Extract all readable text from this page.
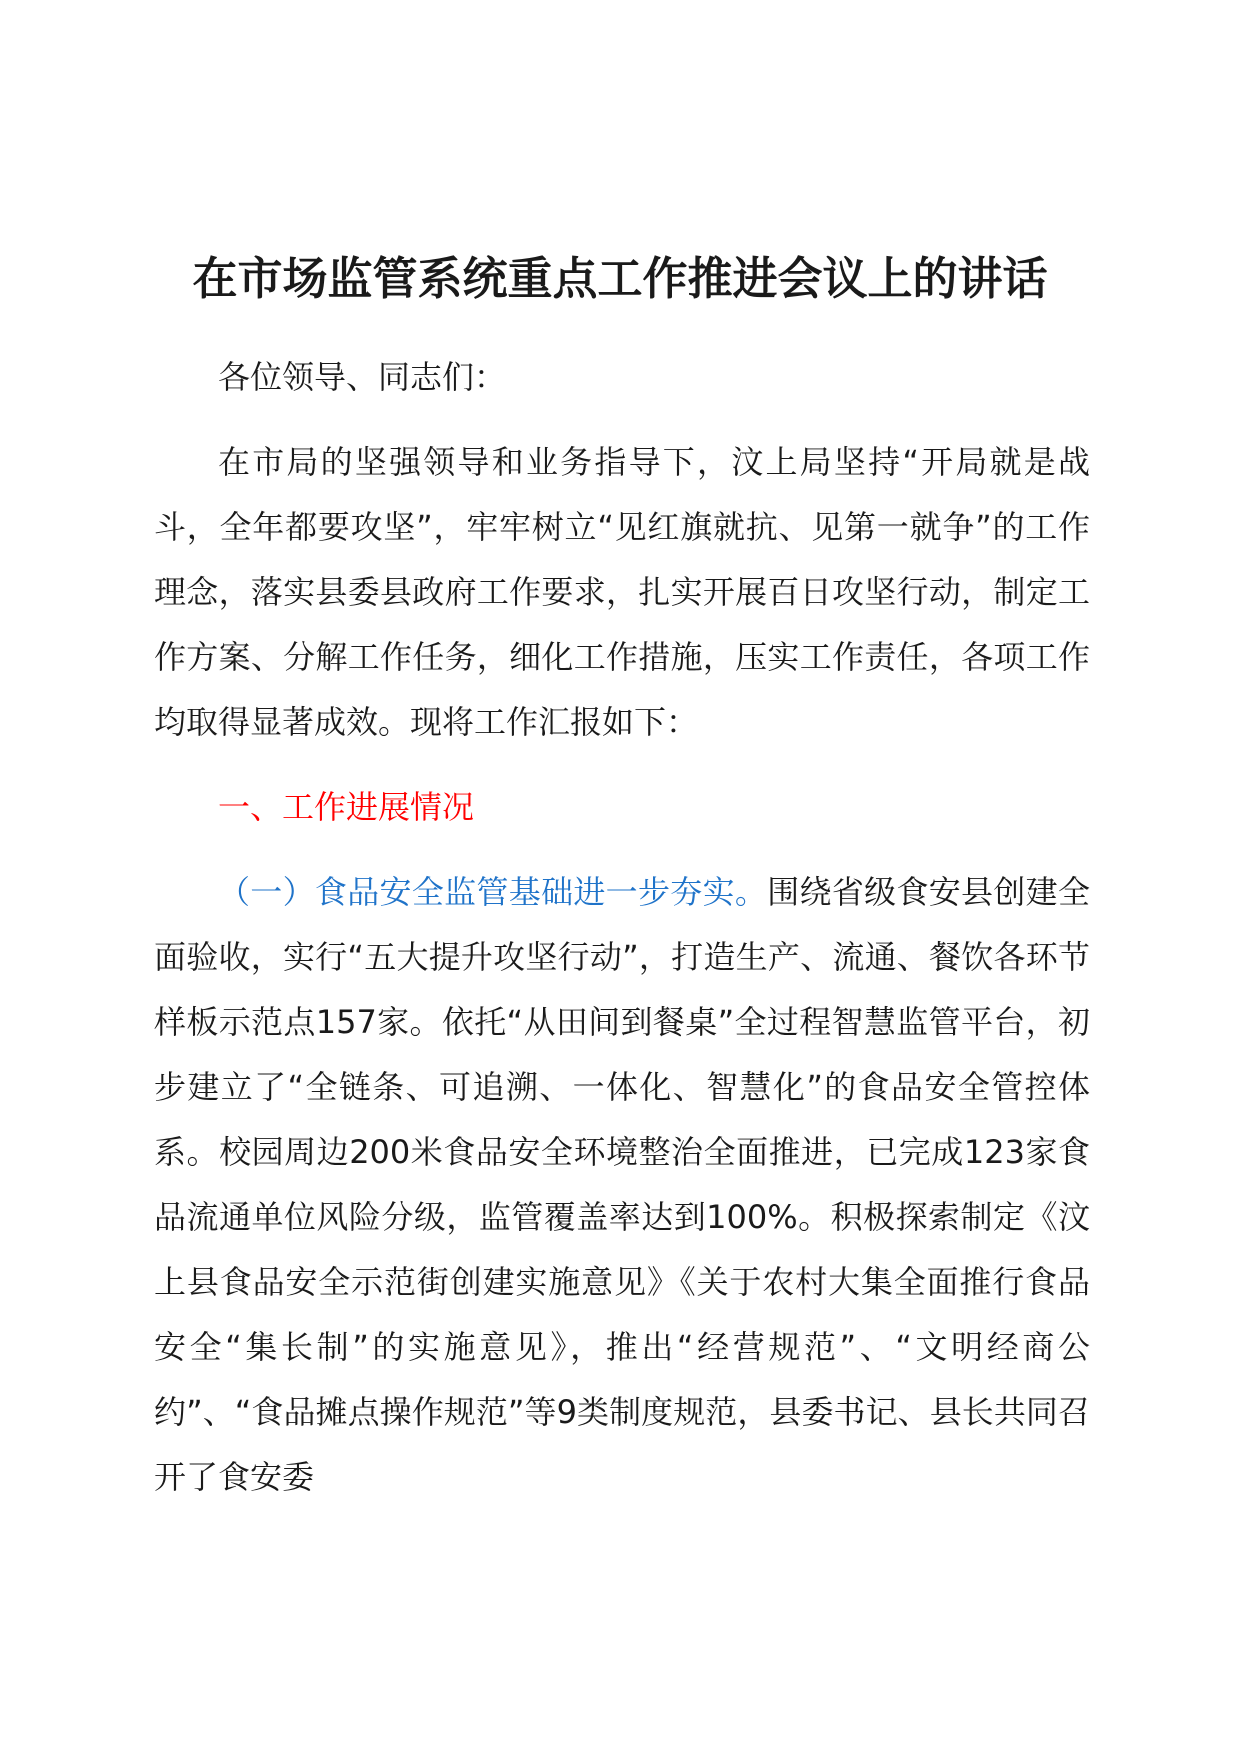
在市场监管系统重点工作推进会议上的讲话

各位领导、同志们：

在市局的坚强领导和业务指导下，汶上局坚持“开局就是战斗，全年都要攻坚”，牢牢树立“见红旗就抗、见第一就争”的工作理念，落实县委县政府工作要求，扎实开展百日攻坚行动，制定工作方案、分解工作任务，细化工作措施，压实工作责任，各项工作均取得显著成效。现将工作汇报如下：

一、工作进展情况

（一）食品安全监管基础进一步夯实。围绕省级食安县创建全面验收，实行“五大提升攻坚行动”，打造生产、流通、餐饮各环节样板示范点157家。依托“从田间到餐桌”全过程智慧监管平台，初步建立了“全链条、可追溯、一体化、智慧化”的食品安全管控体系。校园周边200米食品安全环境整治全面推进，已完成123家食品流通单位风险分级，监管覆盖率达到100%。积极探索制定《汶上县食品安全示范街创建实施意见》《关于农村大集全面推行食品安全“集长制”的实施意见》，推出“经营规范”、“文明经商公约”、“食品摊点操作规范”等9类制度规范，县委书记、县长共同召开了食安委
